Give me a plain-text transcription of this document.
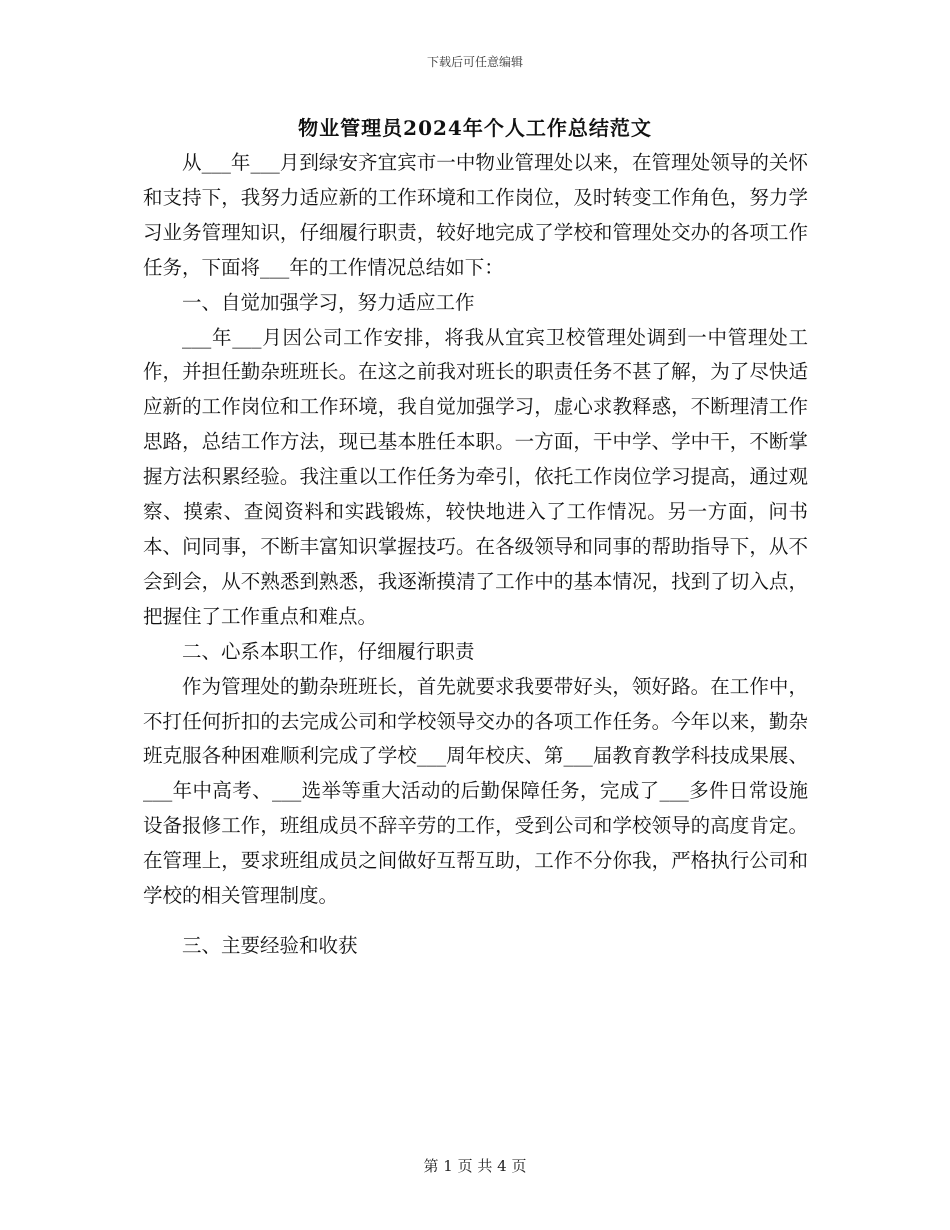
下载后可任意编辑
物业管理员2024年个人工作总结范文

从___年___月到绿安齐宜宾市一中物业管理处以来，在管理处领导的关怀和支持下，我努力适应新的工作环境和工作岗位，及时转变工作角色，努力学习业务管理知识，仔细履行职责，较好地完成了学校和管理处交办的各项工作任务，下面将___年的工作情况总结如下：

一、自觉加强学习，努力适应工作

___年___月因公司工作安排，将我从宜宾卫校管理处调到一中管理处工作，并担任勤杂班班长。在这之前我对班长的职责任务不甚了解，为了尽快适应新的工作岗位和工作环境，我自觉加强学习，虚心求教释惑，不断理清工作思路，总结工作方法，现已基本胜任本职。一方面，干中学、学中干，不断掌握方法积累经验。我注重以工作任务为牵引，依托工作岗位学习提高，通过观察、摸索、查阅资料和实践锻炼，较快地进入了工作情况。另一方面，问书本、问同事，不断丰富知识掌握技巧。在各级领导和同事的帮助指导下，从不会到会，从不熟悉到熟悉，我逐渐摸清了工作中的基本情况，找到了切入点，把握住了工作重点和难点。

二、心系本职工作，仔细履行职责

作为管理处的勤杂班班长，首先就要求我要带好头，领好路。在工作中，不打任何折扣的去完成公司和学校领导交办的各项工作任务。今年以来，勤杂班克服各种困难顺利完成了学校___周年校庆、第___届教育教学科技成果展、___年中高考、___选举等重大活动的后勤保障任务，完成了___多件日常设施设备报修工作，班组成员不辞辛劳的工作，受到公司和学校领导的高度肯定。在管理上，要求班组成员之间做好互帮互助，工作不分你我，严格执行公司和学校的相关管理制度。

三、主要经验和收获

第 1 页 共 4 页
